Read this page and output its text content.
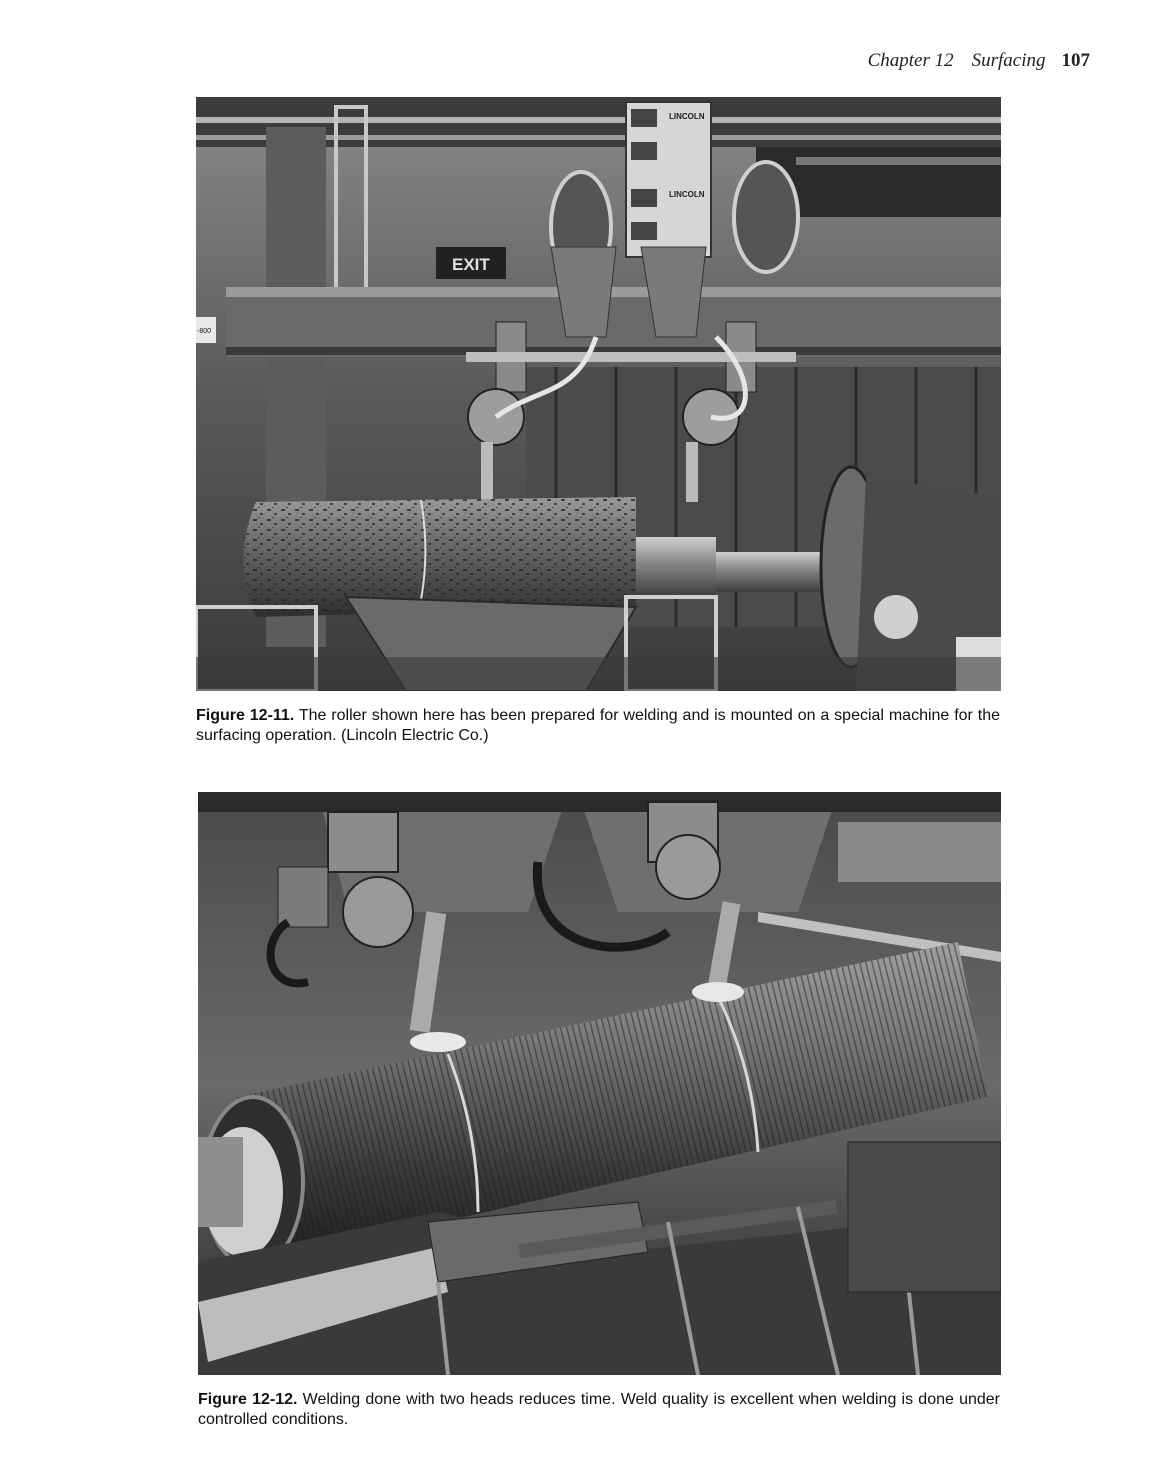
Chapter 12 Surfacing 107
LINCOLN
LINCOLN
EXIT
-800
Figure 12-11. The roller shown here has been prepared for welding and is mounted on a special machine for the surfacing operation. (Lincoln Electric Co.)
Figure 12-12. Welding done with two heads reduces time. Weld quality is excellent when welding is done under controlled conditions.
